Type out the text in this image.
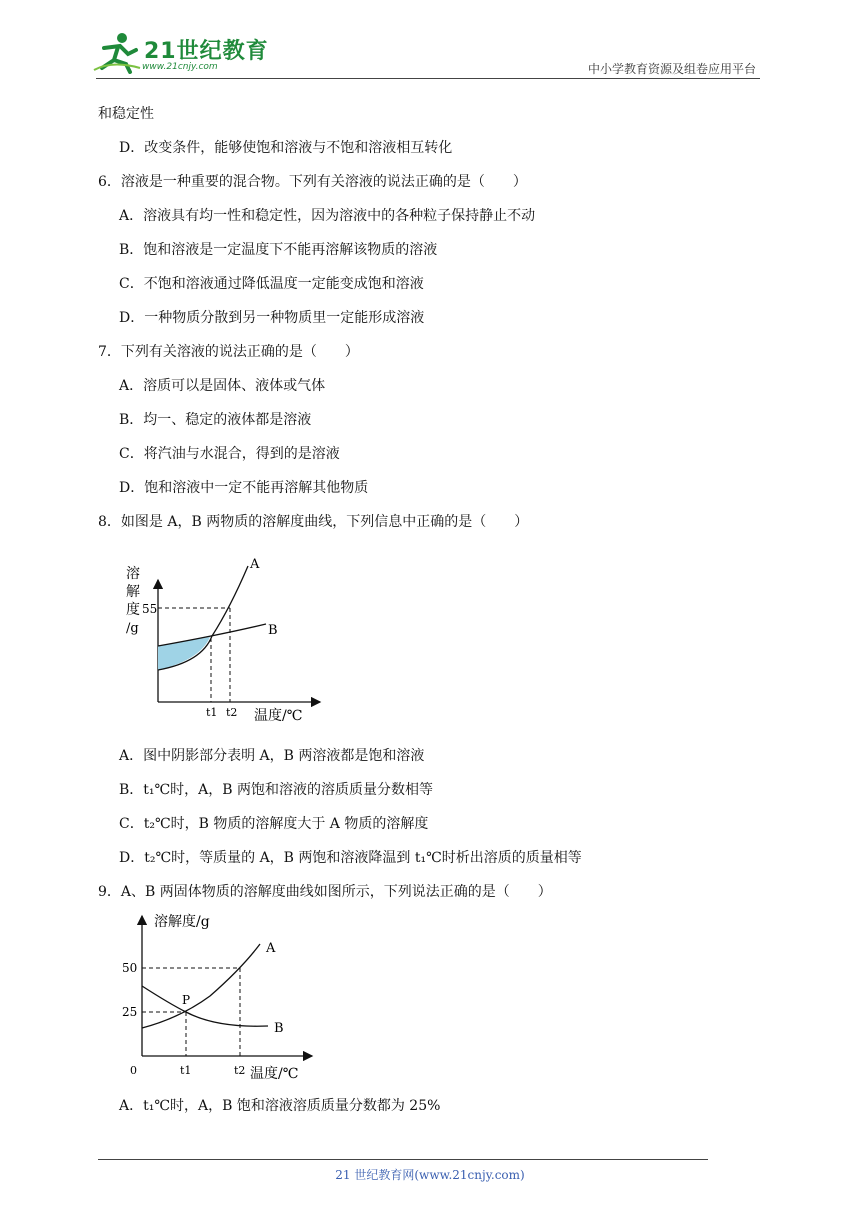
21世纪教育
www.21cnjy.com	中小学教育资源及组卷应用平台
和稳定性
D．改变条件，能够使饱和溶液与不饱和溶液相互转化
6．溶液是一种重要的混合物。下列有关溶液的说法正确的是（　　）
A．溶液具有均一性和稳定性，因为溶液中的各种粒子保持静止不动
B．饱和溶液是一定温度下不能再溶解该物质的溶液
C．不饱和溶液通过降低温度一定能变成饱和溶液
D．一种物质分散到另一种物质里一定能形成溶液
7．下列有关溶液的说法正确的是（　　）
A．溶质可以是固体、液体或气体
B．均一、稳定的液体都是溶液
C．将汽油与水混合，得到的是溶液
D．饱和溶液中一定不能再溶解其他物质
8．如图是 A，B 两物质的溶解度曲线，下列信息中正确的是（　　）
溶
解
度
/g
55
A
B
t1 t2 温度/℃
A．图中阴影部分表明 A，B 两溶液都是饱和溶液
B．t₁℃时，A，B 两饱和溶液的溶质质量分数相等
C．t₂℃时，B 物质的溶解度大于 A 物质的溶解度
D．t₂℃时，等质量的 A，B 两饱和溶液降温到 t₁℃时析出溶质的质量相等
9．A、B 两固体物质的溶解度曲线如图所示，下列说法正确的是（　　）
溶解度/g
50
25
0
P
A
B
t1	t2 温度/℃
A．t₁℃时，A，B 饱和溶液溶质质量分数都为 25%
21 世纪教育网(www.21cnjy.com)
